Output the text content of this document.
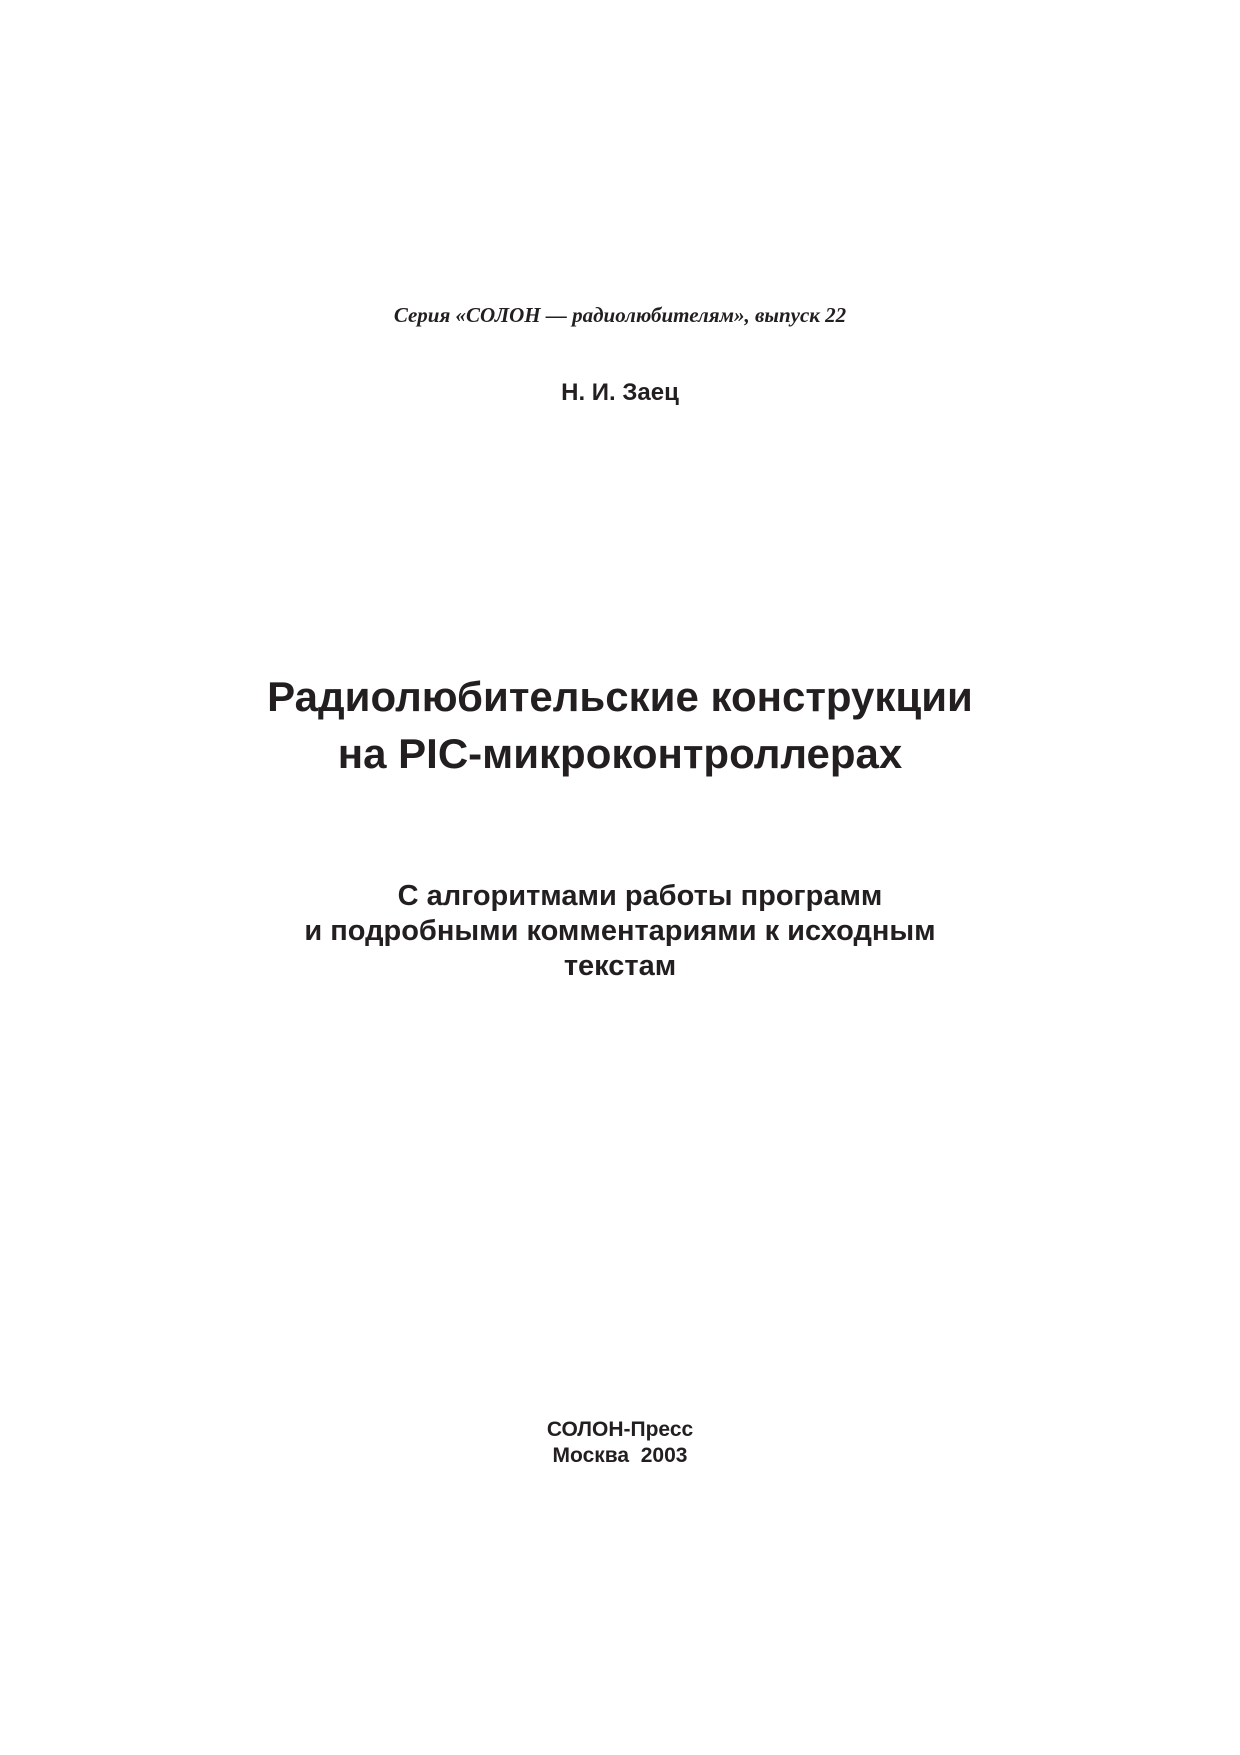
Серия «СОЛОН — радиолюбителям», выпуск 22
Н. И. Заец
Радиолюбительские конструкции
на PIC-микроконтроллерах
С алгоритмами работы программ
и подробными комментариями к исходным
текстам
СОЛОН-Пресс
Москва  2003
